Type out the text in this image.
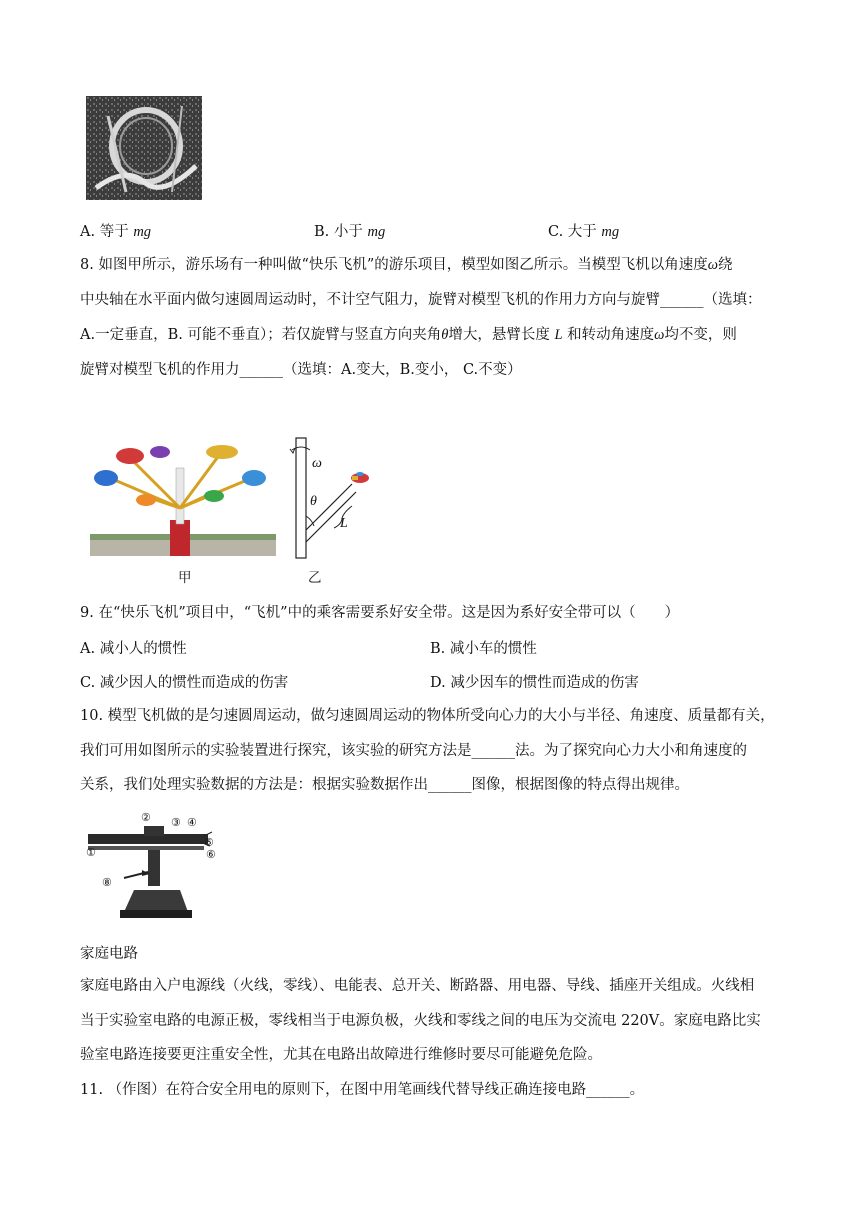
A. 等于 mg	B. 小于 mg	C. 大于 mg
8. 如图甲所示，游乐场有一种叫做“快乐飞机”的游乐项目，模型如图乙所示。当模型飞机以角速度ω绕
中央轴在水平面内做匀速圆周运动时，不计空气阻力，旋臂对模型飞机的作用力方向与旋臂______（选填：
A.一定垂直，B. 可能不垂直）；若仅旋臂与竖直方向夹角θ增大，悬臂长度 L 和转动角速度ω均不变，则
旋臂对模型飞机的作用力______（选填：A.变大，B.变小， C.不变）
甲
ω
θ
L
乙
9. 在“快乐飞机”项目中，“飞机”中的乘客需要系好安全带。这是因为系好安全带可以（　　）
A. 减小人的惯性	B. 减小车的惯性
C. 减少因人的惯性而造成的伤害	D. 减少因车的惯性而造成的伤害
10. 模型飞机做的是匀速圆周运动，做匀速圆周运动的物体所受向心力的大小与半径、角速度、质量都有关，
我们可用如图所示的实验装置进行探究，该实验的研究方法是______法。为了探究向心力大小和角速度的
关系，我们处理实验数据的方法是：根据实验数据作出______图像，根据图像的特点得出规律。
①
② ③ ④
⑤
⑥
⑧
家庭电路
家庭电路由入户电源线（火线，零线）、电能表、总开关、断路器、用电器、导线、插座开关组成。火线相
当于实验室电路的电源正极，零线相当于电源负极，火线和零线之间的电压为交流电 220V。家庭电路比实
验室电路连接要更注重安全性，尤其在电路出故障进行维修时要尽可能避免危险。
11. （作图）在符合安全用电的原则下，在图中用笔画线代替导线正确连接电路______。
